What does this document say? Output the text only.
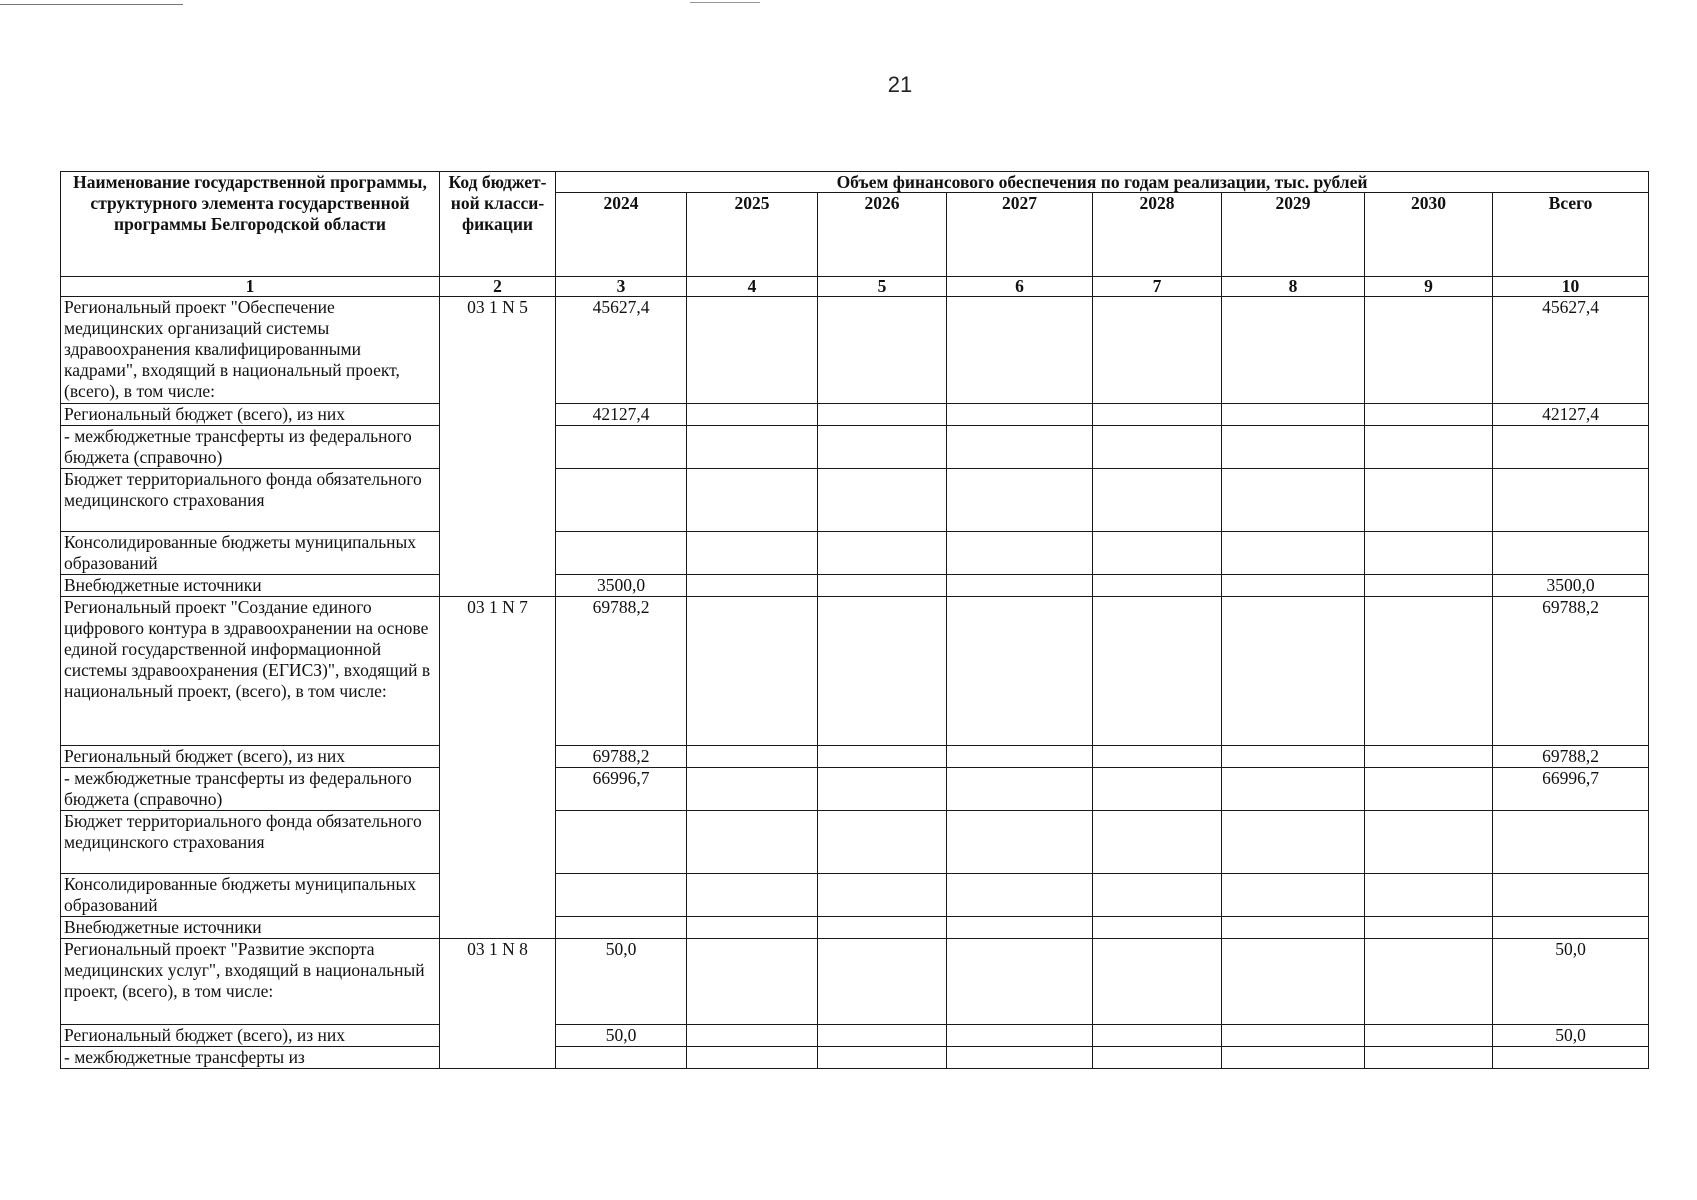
21
Наименование государственной программы, структурного элемента государственной программы Белгородской области	Код бюджет-ной класси-фикации	Объем финансового обеспечения по годам реализации, тыс. рублей							
		2024	2025	2026	2027	2028	2029	2030	Всего
1	2	3	4	5	6	7	8	9	10
Региональный проект "Обеспечение медицинских организаций системы здравоохранения квалифицированными кадрами", входящий в национальный проект, (всего), в том числе:	03 1 N 5	45627,4							45627,4
Региональный бюджет (всего), из них		42127,4							42127,4
- межбюджетные трансферты из федерального бюджета (справочно)									
Бюджет территориального фонда обязательного медицинского страхования									
Консолидированные бюджеты муниципальных образований									
Внебюджетные источники		3500,0							3500,0
Региональный проект "Создание единого цифрового контура в здравоохранении на основе единой государственной информационной системы здравоохранения (ЕГИСЗ)", входящий в национальный проект, (всего), в том числе:	03 1 N 7	69788,2							69788,2
Региональный бюджет (всего), из них		69788,2							69788,2
- межбюджетные трансферты из федерального бюджета (справочно)		66996,7							66996,7
Бюджет территориального фонда обязательного медицинского страхования									
Консолидированные бюджеты муниципальных образований									
Внебюджетные источники									
Региональный проект "Развитие экспорта медицинских услуг", входящий в национальный проект, (всего), в том числе:	03 1 N 8	50,0							50,0
Региональный бюджет (всего), из них		50,0							50,0
- межбюджетные трансферты из									
